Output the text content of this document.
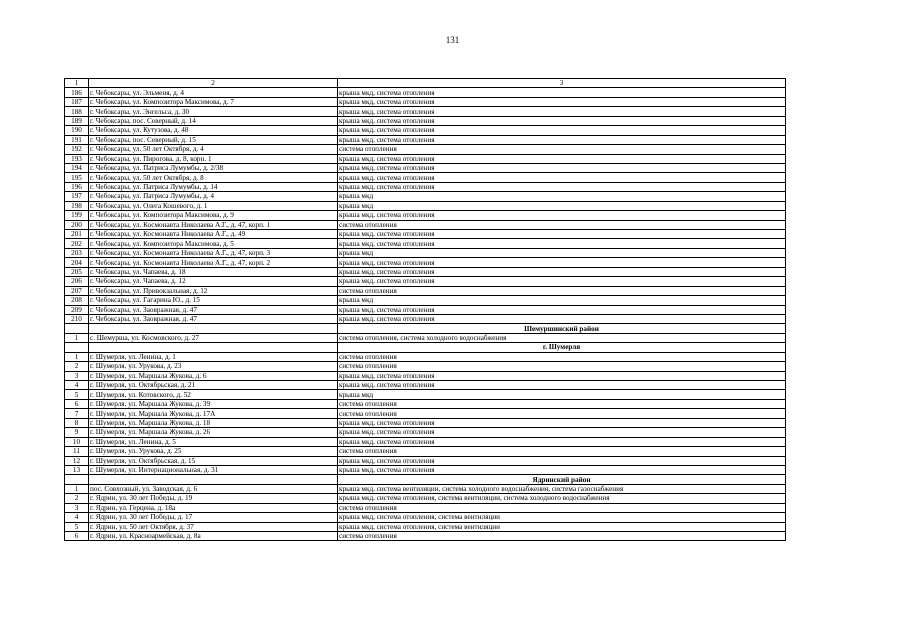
131
1	2	3
186	г. Чебоксары, ул. Эльменя, д. 4	крыша мкд, система отопления
187	г. Чебоксары, ул. Композитора Максимова, д. 7	крыша мкд, система отопления
188	г. Чебоксары, ул. Энгельса, д. 30	крыша мкд, система отопления
189	г. Чебоксары, пос. Северный, д. 14	крыша мкд, система отопления
190	г. Чебоксары, ул. Кутузова, д. 48	крыша мкд, система отопления
191	г. Чебоксары, пос. Северный, д. 15	крыша мкд, система отопления
192	г. Чебоксары, ул. 50 лет Октября, д. 4	система отопления
193	г. Чебоксары, ул. Пирогова, д. 8, корп. 1	крыша мкд, система отопления
194	г. Чебоксары, ул. Патриса Лумумбы, д. 2/38	крыша мкд, система отопления
195	г. Чебоксары, ул. 50 лет Октября, д. 8	крыша мкд, система отопления
196	г. Чебоксары, ул. Патриса Лумумбы, д. 14	крыша мкд, система отопления
197	г. Чебоксары, ул. Патриса Лумумбы, д. 4	крыша мкд
198	г. Чебоксары, ул. Олега Кошевого, д. 1	крыша мкд
199	г. Чебоксары, ул. Композитора Максимова, д. 9	крыша мкд, система отопления
200	г. Чебоксары, ул. Космонавта Николаева А.Г., д. 47, корп. 1	система отопления
201	г. Чебоксары, ул. Космонавта Николаева А.Г., д. 49	крыша мкд, система отопления
202	г. Чебоксары, ул. Композитора Максимова, д. 5	крыша мкд, система отопления
203	г. Чебоксары, ул. Космонавта Николаева А.Г., д. 47, корп. 3	крыша мкд
204	г. Чебоксары, ул. Космонавта Николаева А.Г., д. 47, корп. 2	крыша мкд, система отопления
205	г. Чебоксары, ул. Чапаева, д. 18	крыша мкд, система отопления
206	г. Чебоксары, ул. Чапаева, д. 12	крыша мкд, система отопления
207	г. Чебоксары, ул. Привокзальная, д. 12	система отопления
208	г. Чебоксары, ул. Гагарина Ю., д. 15	крыша мкд
209	г. Чебоксары, ул. Заовражная, д. 47	крыша мкд, система отопления
210	г. Чебоксары, ул. Заовражная, д. 47	крыша мкд, система отопления
		Шемуршинский район
1	с. Шемурша, ул. Космовского, д. 27	система отопления, система холодного водоснабжения
		г. Шумерля
1	г. Шумерля, ул. Ленина, д. 1	система отопления
2	г. Шумерля, ул. Урукова, д. 23	система отопления
3	г. Шумерля, ул. Маршала Жукова, д. 6	крыша мкд, система отопления
4	г. Шумерля, ул. Октябрьская, д. 21	крыша мкд, система отопления
5	г. Шумерля, ул. Котовского, д. 52	крыша мкд
6	г. Шумерля, ул. Маршала Жукова, д. 39	система отопления
7	г. Шумерля, ул. Маршала Жукова, д. 17А	система отопления
8	г. Шумерля, ул. Маршала Жукова, д. 18	крыша мкд, система отопления
9	г. Шумерля, ул. Маршала Жукова, д. 26	крыша мкд, система отопления
10	г. Шумерля, ул. Ленина, д. 5	крыша мкд, система отопления
11	г. Шумерля, ул. Урукова, д. 25	система отопления
12	г. Шумерля, ул. Октябрьская, д. 15	крыша мкд, система отопления
13	г. Шумерля, ул. Интернациональная, д. 31	крыша мкд, система отопления
		Ядринский район
1	пос. Совхозный, ул. Заводская, д. 6	крыша мкд, система вентиляции, система холодного водоснабжения, система газоснабжения
2	г. Ядрин, ул. 30 лет Победы, д. 19	крыша мкд, система отопления, система вентиляции, система холодного водоснабжения
3	г. Ядрин, ул. Герцена, д. 18а	система отопления
4	г. Ядрин, ул. 30 лет Победы, д. 17	крыша мкд, система отопления, система вентиляции
5	г. Ядрин, ул. 50 лет Октября, д. 37	крыша мкд, система отопления, система вентиляции
6	г. Ядрин, ул. Красноармейская, д. 8а	система отопления
